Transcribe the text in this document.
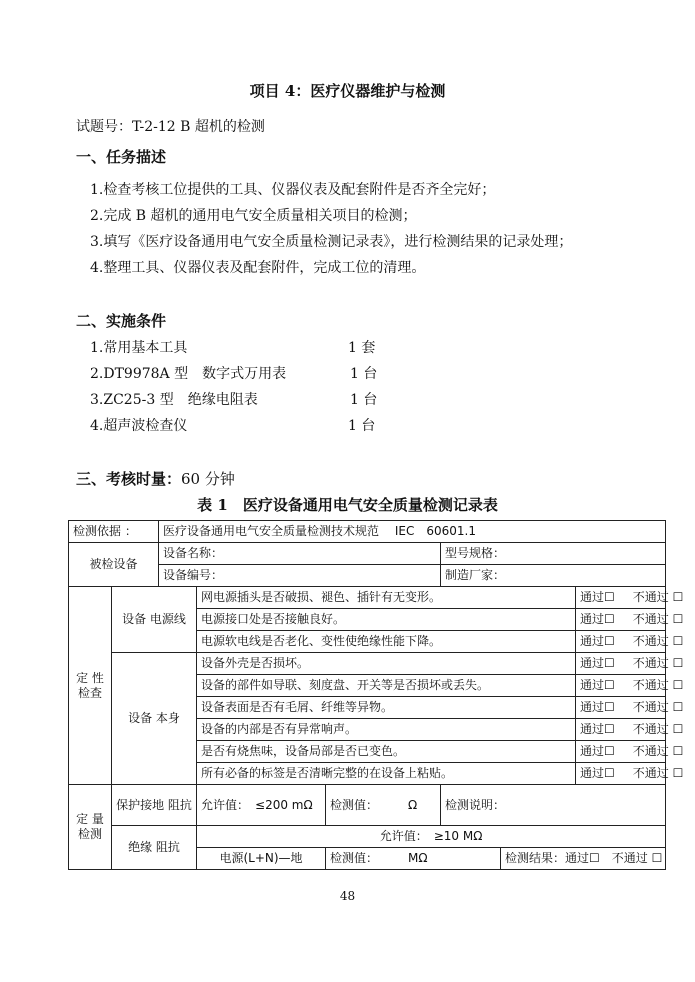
项目 4：医疗仪器维护与检测
试题号：T-2-12 B 超机的检测
一、任务描述
1.检查考核工位提供的工具、仪器仪表及配套附件是否齐全完好；
2.完成 B 超机的通用电气安全质量相关项目的检测；
3.填写《医疗设备通用电气安全质量检测记录表》，进行检测结果的记录处理；
4.整理工具、仪器仪表及配套附件，完成工位的清理。
二、实施条件
1.常用基本工具	1 套
2.DT9978A 型　数字式万用表	1 台
3.ZC25-3 型　绝缘电阻表	1 台
4.超声波检查仪	1 台
三、考核时量：60 分钟
表 1　医疗设备通用电气安全质量检测记录表
检测依据 ：		医疗设备通用电气安全质量检测技术规范　 IEC　60601.1					
被检设备		设备名称：			型号规格：		
		设备编号：			制造厂家：		
定 性 检查	设备 电源线		网电源插头是否破损、褪色、插针有无变形。				通过☐ 不通过 ☐
			电源接口处是否接触良好。				通过☐ 不通过 ☐
			电源软电线是否老化、变性使绝缘性能下降。				通过☐ 不通过 ☐
	设备 本身		设备外壳是否损坏。				通过☐ 不通过 ☐
			设备的部件如导联、刻度盘、开关等是否损坏或丢失。				通过☐ 不通过 ☐
			设备表面是否有毛屑、纤维等异物。				通过☐ 不通过 ☐
			设备的内部是否有异常响声。				通过☐ 不通过 ☐
			是否有烧焦味，设备局部是否已变色。				通过☐ 不通过 ☐
			所有必备的标签是否清晰完整的在设备上粘贴。				通过☐ 不通过 ☐
定 量 检测	保护接地 阻抗		允许值：　≤200 mΩ	检测值：　　　Ω	检测说明：		
	绝缘 阻抗		允许值：　≥10 MΩ				
			电源(L+N)—地	检测值：　　　MΩ		检测结果：通过☐　不通过 ☐	
48
